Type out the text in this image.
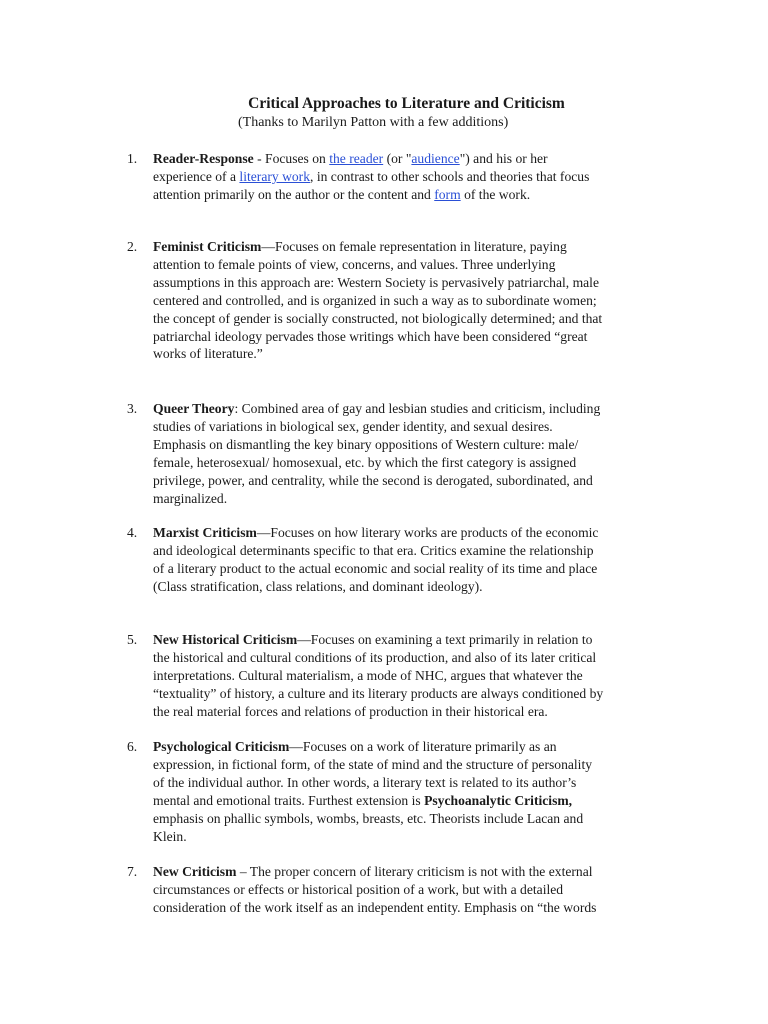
Critical Approaches to Literature and Criticism
(Thanks to Marilyn Patton with a few additions)
1.	Reader-Response - Focuses on the reader (or "audience") and his or her
experience of a literary work, in contrast to other schools and theories that focus
attention primarily on the author or the content and form of the work.
2.	Feminist Criticism—Focuses on female representation in literature, paying
attention to female points of view, concerns, and values. Three underlying
assumptions in this approach are: Western Society is pervasively patriarchal, male
centered and controlled, and is organized in such a way as to subordinate women;
the concept of gender is socially constructed, not biologically determined; and that
patriarchal ideology pervades those writings which have been considered “great
works of literature.”
3.	Queer Theory: Combined area of gay and lesbian studies and criticism, including
studies of variations in biological sex, gender identity, and sexual desires.
Emphasis on dismantling the key binary oppositions of Western culture: male/
female, heterosexual/ homosexual, etc. by which the first category is assigned
privilege, power, and centrality, while the second is derogated, subordinated, and
marginalized.
4.	Marxist Criticism—Focuses on how literary works are products of the economic
and ideological determinants specific to that era. Critics examine the relationship
of a literary product to the actual economic and social reality of its time and place
(Class stratification, class relations, and dominant ideology).
5.	New Historical Criticism—Focuses on examining a text primarily in relation to
the historical and cultural conditions of its production, and also of its later critical
interpretations. Cultural materialism, a mode of NHC, argues that whatever the
“textuality” of history, a culture and its literary products are always conditioned by
the real material forces and relations of production in their historical era.
6.	Psychological Criticism—Focuses on a work of literature primarily as an
expression, in fictional form, of the state of mind and the structure of personality
of the individual author. In other words, a literary text is related to its author’s
mental and emotional traits. Furthest extension is Psychoanalytic Criticism,
emphasis on phallic symbols, wombs, breasts, etc. Theorists include Lacan and
Klein.
7.	New Criticism – The proper concern of literary criticism is not with the external
circumstances or effects or historical position of a work, but with a detailed
consideration of the work itself as an independent entity. Emphasis on “the words
